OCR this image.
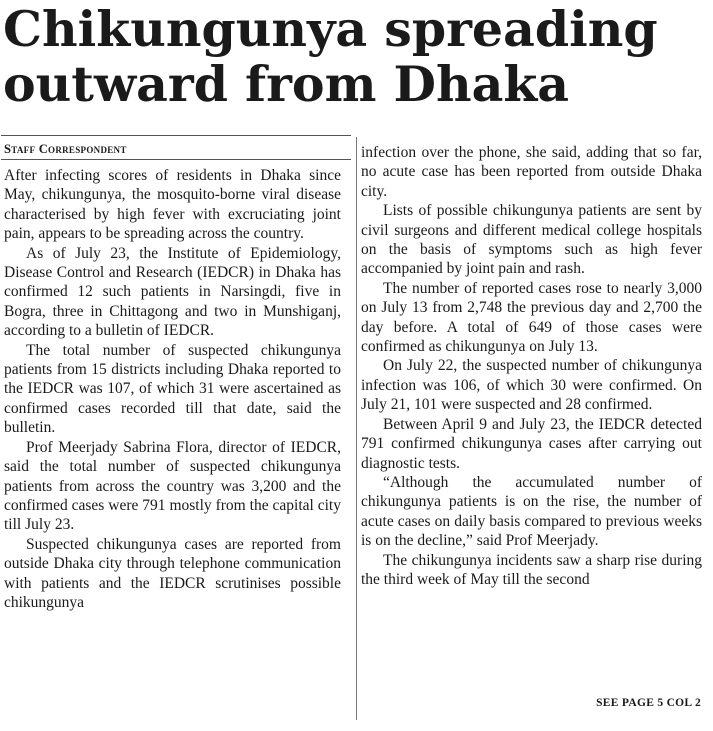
Chikungunya spreading
outward from Dhaka
Staff Correspondent

After infecting scores of residents in Dhaka since May, chikungunya, the mosquito-borne viral disease characterised by high fever with excruciating joint pain, appears to be spreading across the country.

As of July 23, the Institute of Epidemiology, Disease Control and Research (IEDCR) in Dhaka has confirmed 12 such patients in Narsingdi, five in Bogra, three in Chittagong and two in Munshiganj, according to a bulletin of IEDCR.

The total number of suspected chikungunya patients from 15 districts including Dhaka reported to the IEDCR was 107, of which 31 were ascertained as confirmed cases recorded till that date, said the bulletin.

Prof Meerjady Sabrina Flora, director of IEDCR, said the total number of suspected chikungunya patients from across the country was 3,200 and the confirmed cases were 791 mostly from the capital city till July 23.

Suspected chikungunya cases are reported from outside Dhaka city through telephone communication with patients and the IEDCR scrutinises possible chikungunya

infection over the phone, she said, adding that so far, no acute case has been reported from outside Dhaka city.

Lists of possible chikungunya patients are sent by civil surgeons and different medical college hospitals on the basis of symptoms such as high fever accompanied by joint pain and rash.

The number of reported cases rose to nearly 3,000 on July 13 from 2,748 the previous day and 2,700 the day before. A total of 649 of those cases were confirmed as chikungunya on July 13.

On July 22, the suspected number of chikungunya infection was 106, of which 30 were confirmed. On July 21, 101 were suspected and 28 confirmed.

Between April 9 and July 23, the IEDCR detected 791 confirmed chikungunya cases after carrying out diagnostic tests.

“Although the accumulated number of chikungunya patients is on the rise, the number of acute cases on daily basis compared to previous weeks is on the decline,” said Prof Meerjady.

The chikungunya incidents saw a sharp rise during the third week of May till the second

SEE PAGE 5 COL 2
